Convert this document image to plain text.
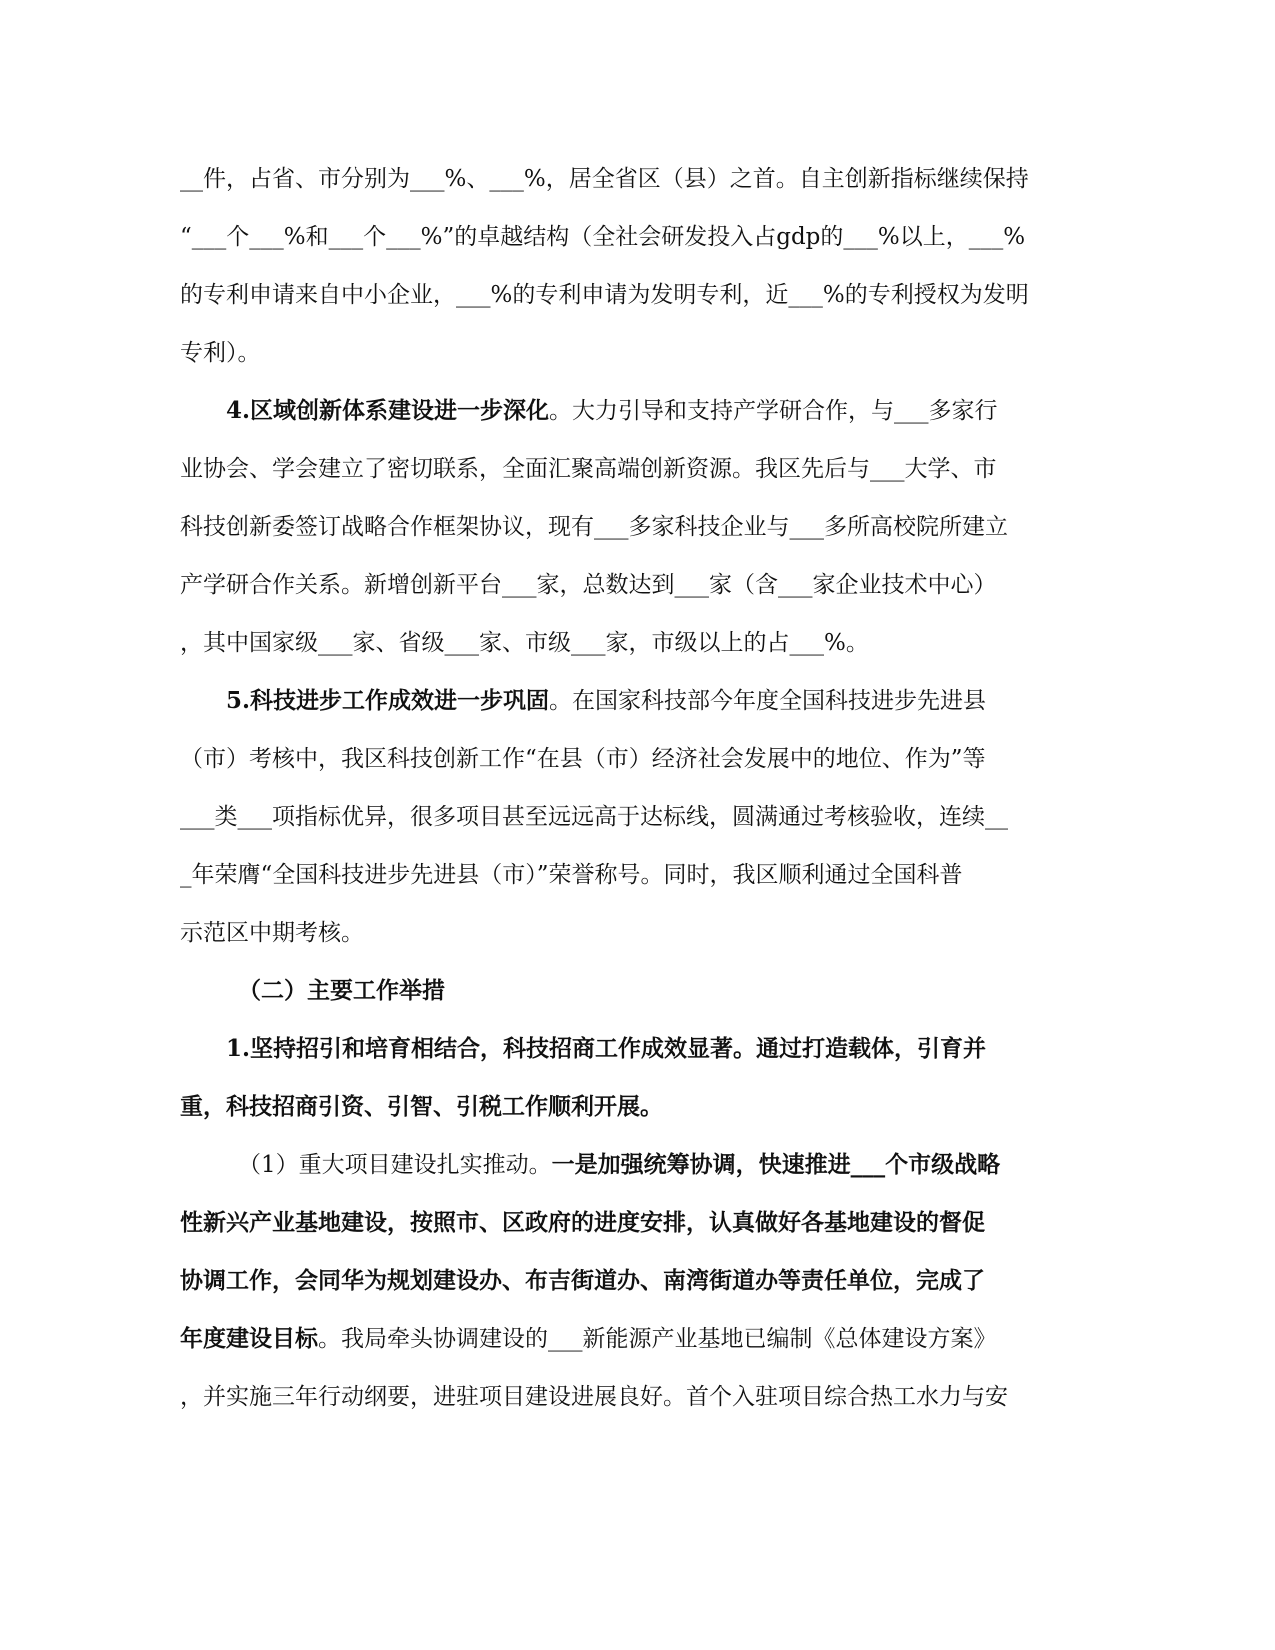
__件，占省、市分别为___%、___%，居全省区（县）之首。自主创新指标继续保持
“___个___%和___个___%”的卓越结构（全社会研发投入占gdp的___%以上，___%
的专利申请来自中小企业，___%的专利申请为发明专利，近___%的专利授权为发明
专利）。
4.区域创新体系建设进一步深化。大力引导和支持产学研合作，与___多家行
业协会、学会建立了密切联系，全面汇聚高端创新资源。我区先后与___大学、市
科技创新委签订战略合作框架协议，现有___多家科技企业与___多所高校院所建立
产学研合作关系。新增创新平台___家，总数达到___家（含___家企业技术中心）
，其中国家级___家、省级___家、市级___家，市级以上的占___%。
5.科技进步工作成效进一步巩固。在国家科技部今年度全国科技进步先进县
（市）考核中，我区科技创新工作“在县（市）经济社会发展中的地位、作为”等
___类___项指标优异，很多项目甚至远远高于达标线，圆满通过考核验收，连续__
_年荣膺“全国科技进步先进县（市）”荣誉称号。同时，我区顺利通过全国科普
示范区中期考核。
（二）主要工作举措
1.坚持招引和培育相结合，科技招商工作成效显著。通过打造载体，引育并
重，科技招商引资、引智、引税工作顺利开展。
（1）重大项目建设扎实推动。一是加强统筹协调，快速推进___个市级战略
性新兴产业基地建设，按照市、区政府的进度安排，认真做好各基地建设的督促
协调工作，会同华为规划建设办、布吉街道办、南湾街道办等责任单位，完成了
年度建设目标。我局牵头协调建设的___新能源产业基地已编制《总体建设方案》
，并实施三年行动纲要，进驻项目建设进展良好。首个入驻项目综合热工水力与安
